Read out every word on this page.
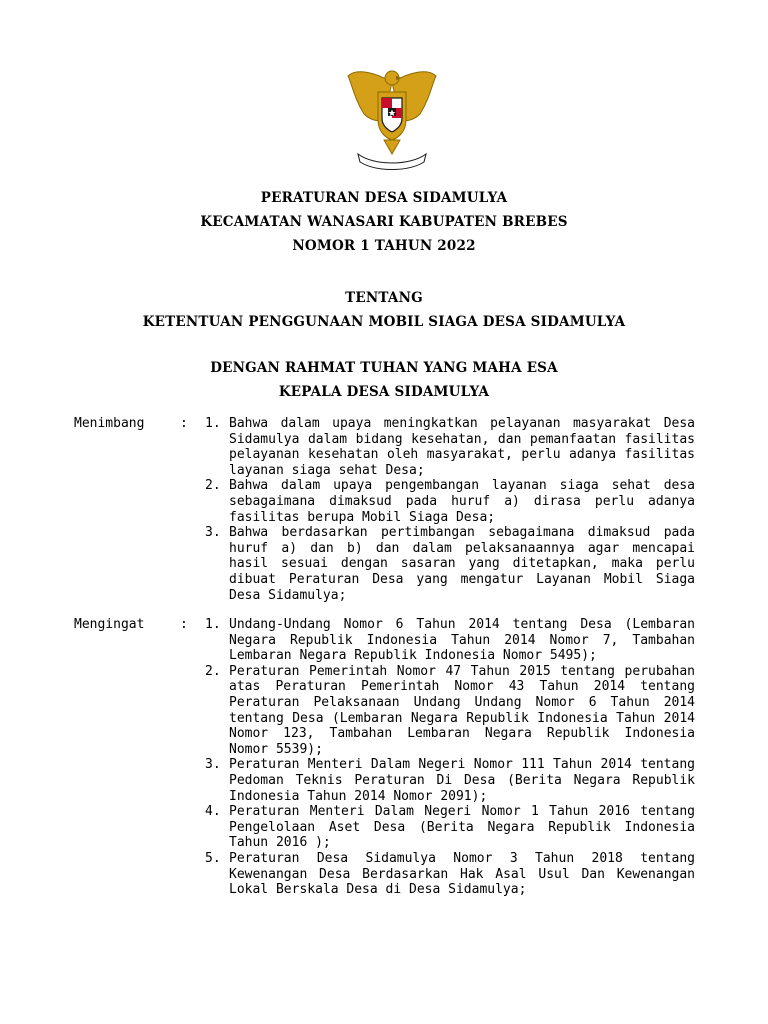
PERATURAN DESA SIDAMULYA
KECAMATAN WANASARI KABUPATEN BREBES
NOMOR 1 TAHUN 2022
TENTANG
KETENTUAN PENGGUNAAN MOBIL SIAGA DESA SIDAMULYA
DENGAN RAHMAT TUHAN YANG MAHA ESA
KEPALA DESA SIDAMULYA
Menimbang	: 1. Bahwa dalam upaya meningkatkan pelayanan masyarakat Desa Sidamulya dalam bidang kesehatan, dan pemanfaatan fasilitas pelayanan kesehatan oleh masyarakat, perlu adanya fasilitas layanan siaga sehat Desa;
2. Bahwa dalam upaya pengembangan layanan siaga sehat desa sebagaimana dimaksud pada huruf a) dirasa perlu adanya fasilitas berupa Mobil Siaga Desa;
3. Bahwa berdasarkan pertimbangan sebagaimana dimaksud pada huruf a) dan b) dan dalam pelaksanaannya agar mencapai hasil sesuai dengan sasaran yang ditetapkan, maka perlu dibuat Peraturan Desa yang mengatur Layanan Mobil Siaga Desa Sidamulya;
Mengingat	: 1. Undang-Undang Nomor 6 Tahun 2014 tentang Desa (Lembaran Negara Republik Indonesia Tahun 2014 Nomor 7, Tambahan Lembaran Negara Republik Indonesia Nomor 5495);
2. Peraturan Pemerintah Nomor 47 Tahun 2015 tentang perubahan atas Peraturan Pemerintah Nomor 43 Tahun 2014 tentang Peraturan Pelaksanaan Undang Undang Nomor 6 Tahun 2014 tentang Desa (Lembaran Negara Republik Indonesia Tahun 2014 Nomor 123, Tambahan Lembaran Negara Republik Indonesia Nomor 5539);
3. Peraturan Menteri Dalam Negeri Nomor 111 Tahun 2014 tentang Pedoman Teknis Peraturan Di Desa (Berita Negara Republik Indonesia Tahun 2014 Nomor 2091);
4. Peraturan Menteri Dalam Negeri Nomor 1 Tahun 2016 tentang Pengelolaan Aset Desa (Berita Negara Republik Indonesia Tahun 2016 );
5. Peraturan Desa Sidamulya Nomor 3 Tahun 2018 tentang Kewenangan Desa Berdasarkan Hak Asal Usul Dan Kewenangan Lokal Berskala Desa di Desa Sidamulya;
